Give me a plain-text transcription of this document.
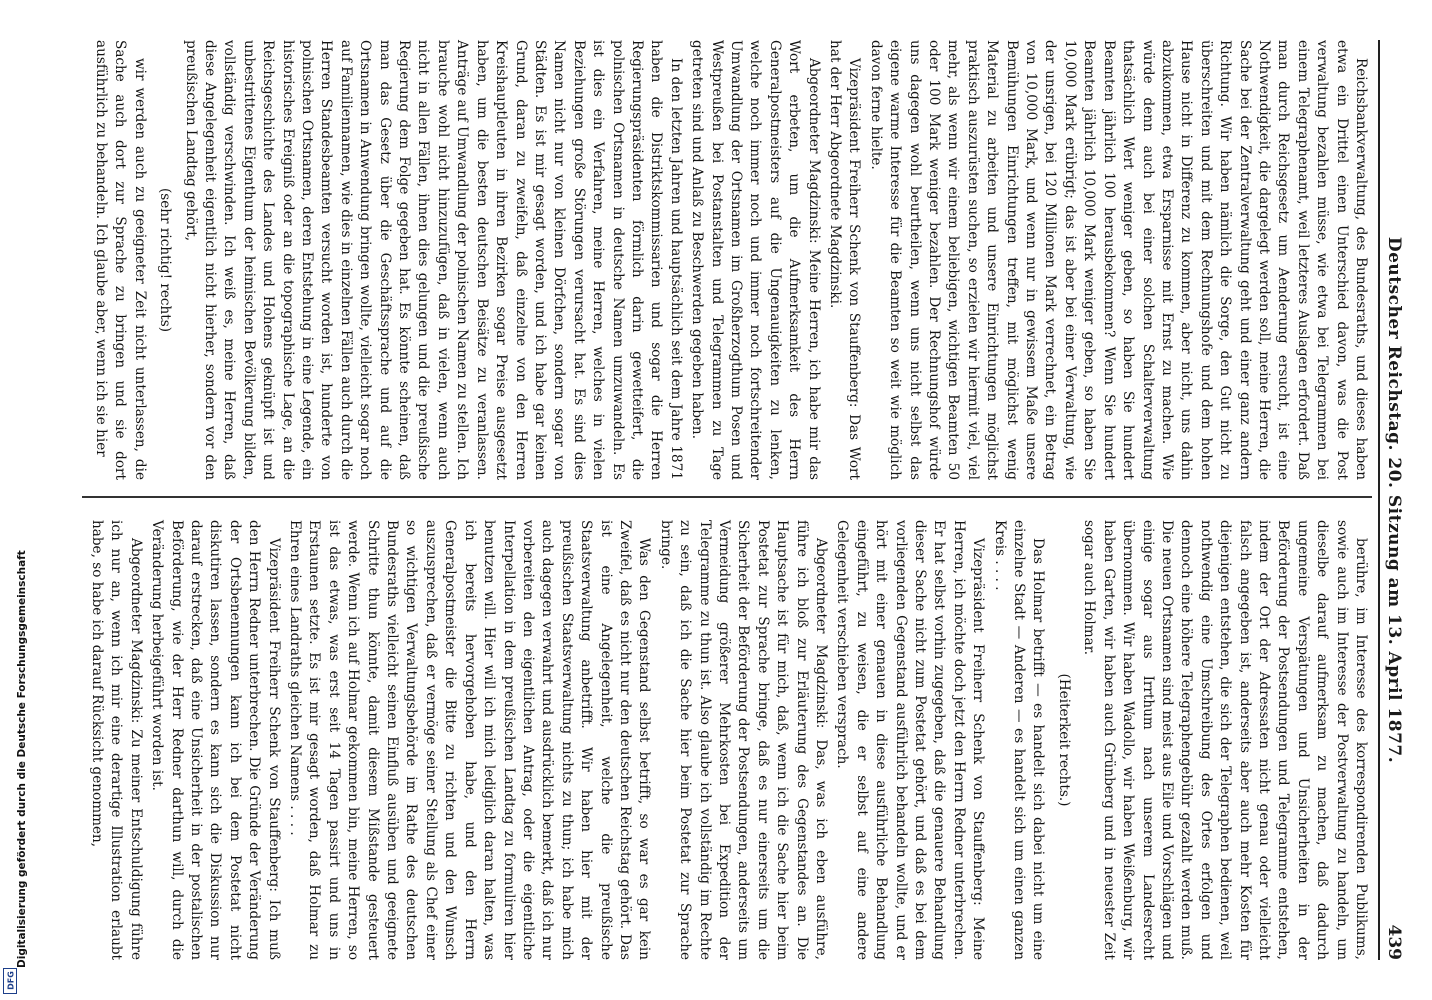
Deutscher Reichstag. 20. Sitzung am 13. April 1877.
439

Reichsbankverwaltung, des Bundesraths, und dieses haben etwa ein Drittel einen Unterschied davon, was die Post verwaltung bezahlen müsse, wie etwa bei Telegrammen bei einem Telegraphenamt, weil letzteres Auslagen erfordert. Daß man durch Reichsgesetz um Aenderung ersucht, ist eine Nothwendigkeit, die dargelegt werden soll, meine Herren, die Sache bei der Zentralverwaltung geht und einer ganz andern Richtung. Wir haben nämlich die Sorge, den Gut nicht zu überschreiten und mit dem Rechnungshofe und dem hohen Hause nicht in Differenz zu kommen, aber nicht, uns dahin abzukommen, etwa Ersparnisse mit Ernst zu machen. Wie würde denn auch bei einer solchen Schalterverwaltung thatsächlich Wert weniger geben, so haben Sie hundert Beamten jährlich 100 herausbekommen? Wenn Sie hundert Beamten jährlich 10,000 Mark weniger geben, so haben Sie 10,000 Mark erübrigt; das ist aber bei einer Verwaltung, wie der unsrigen, bei 120 Millionen Mark verrechnet, ein Betrag von 10,000 Mark, und wenn nur in gewissem Maße unsere Bemühungen Einrichtungen treffen, mit möglichst wenig Material zu arbeiten und unsere Einrichtungen möglichst praktisch auszurüsten suchen, so erzielen wir hiermit viel, viel mehr, als wenn wir einem beliebigen, wichtigen Beamten 50 oder 100 Mark weniger bezahlen. Der Rechnungshof würde uns dagegen wohl beurtheilen, wenn uns nicht selbst das eigene warme Interesse für die Beamten so weit wie möglich davon ferne hielte.

Vizepräsident Freiherr Schenk von Stauffenberg: Das Wort hat der Herr Abgeordnete Magdzinski.

Abgeordneter Magdzinski: Meine Herren, ich habe mir das Wort erbeten, um die Aufmerksamkeit des Herrn Generalpostmeisters auf die Ungenauigkeiten zu lenken, welche noch immer noch und immer noch fortschreitender Umwandlung der Ortsnamen im Großherzogthum Posen und Westpreußen bei Postanstalten und Telegrammen zu Tage getreten sind und Anlaß zu Beschwerden gegeben haben.

In den letzten Jahren und hauptsächlich seit dem Jahre 1871 haben die Distriktskommissarien und sogar die Herren Regierungspräsidenten förmlich darin gewetteifert, die polnischen Ortsnamen in deutsche Namen umzuwandeln. Es ist dies ein Verfahren, meine Herren, welches in vielen Beziehungen große Störungen verursacht hat. Es sind dies Namen nicht nur von kleinen Dörfchen, sondern sogar von Städten. Es ist mir gesagt worden, und ich habe gar keinen Grund, daran zu zweifeln, daß einzelne von den Herren Kreishauptleuten in ihren Bezirken sogar Preise ausgesetzt haben, um die besten deutschen Beisätze zu veranlassen. Anträge auf Umwandlung der polnischen Namen zu stellen. Ich brauche wohl nicht hinzuzufügen, daß in vielen, wenn auch nicht in allen Fällen, ihnen dies gelungen und die preußische Regierung dem Folge gegeben hat. Es könnte scheinen, daß man das Gesetz über die Geschäftssprache und auf die Ortsnamen in Anwendung bringen wollte, vielleicht sogar noch auf Familiennamen, wie dies in einzelnen Fällen auch durch die Herren Standesbeamten versucht worden ist, hunderte von polnischen Ortsnamen, deren Entstehung in eine Legende, ein historisches Ereigniß oder an die topographische Lage, an die Reichsgeschichte des Landes und Hohens geknüpft ist und unbestrittenes Eigenthum der heimischen Bevölkerung bilden, vollständig verschwinden. Ich weiß es, meine Herren, daß diese Angelegenheit eigentlich nicht hierher, sondern vor den preußischen Landtag gehört,

(sehr richtig! rechts)

wir werden auch zu geeigneter Zeit nicht unterlassen, die Sache auch dort zur Sprache zu bringen und sie dort ausführlich zu behandeln. Ich glaube aber, wenn ich sie hier

berühre, im Interesse des korrespondirenden Publikums, sowie auch im Interesse der Postverwaltung zu handeln, um dieselbe darauf aufmerksam zu machen, daß dadurch ungemeine Verspätungen und Unsicherheiten in der Beförderung der Postsendungen und Telegramme entstehen, indem der Ort der Adressaten nicht genau oder vielleicht falsch angegeben ist, anderseits aber auch mehr Kosten für diejenigen entstehen, die sich der Telegraphen bedienen, weil nothwendig eine Umschreibung des Ortes erfolgen und dennoch eine höhere Telegraphengebühr gezahlt werden muß. Die neuen Ortsnamen sind meist aus Eile und Vorschlägen und einige sogar aus Irrthum nach unserem Landesrecht übernommen. Wir haben Wadollo, wir haben Weißenburg, wir haben Garten, wir haben auch Grünberg und in neuester Zeit sogar auch Holmar.

(Heiterkeit rechts.)

Das Holmar betrifft — es handelt sich dabei nicht um eine einzelne Stadt — Anderen — es handelt sich um einen ganzen Kreis . . . .

Vizepräsident Freiherr Schenk von Stauffenberg: Meine Herren, ich möchte doch jetzt den Herrn Redner unterbrechen. Er hat selbst vorhin zugegeben, daß die genauere Behandlung dieser Sache nicht zum Postetat gehört, und daß es bei dem vorliegenden Gegenstand ausführlich behandeln wollte, und er hört mit einer genauen in diese ausführliche Behandlung eingeführt, zu weisen, die er selbst auf eine andere Gelegenheit verschieben versprach.

Abgeordneter Magdzinski: Das, was ich eben ausführe, führe ich bloß zur Erläuterung des Gegenstandes an. Die Hauptsache ist für mich, daß, wenn ich die Sache hier beim Postetat zur Sprache bringe, daß es nur einerseits um die Sicherheit der Beförderung der Postsendungen, anderseits um Vermeidung größerer Mehrkosten bei Expedition der Telegramme zu thun ist. Also glaube ich vollständig im Rechte zu sein, daß ich die Sache hier beim Postetat zur Sprache bringe.

Was den Gegenstand selbst betrifft, so war es gar kein Zweifel, daß es nicht nur den deutschen Reichstag gehört. Das ist eine Angelegenheit, welche die preußische Staatsverwaltung anbetrifft. Wir haben hier mit der preußischen Staatsverwaltung nichts zu thun; ich habe mich auch dagegen verwahrt und ausdrücklich bemerkt, daß ich nur vorbereiten den eigentlichen Antrag, oder die eigentliche Interpellation in dem preußischen Landtag zu formuliren hier benutzen will. Hier will ich mich lediglich daran halten, was ich bereits hervorgehoben habe, und den Herrn Generalpostmeister die Bitte zu richten und den Wunsch auszusprechen, daß er vermöge seiner Stellung als Chef einer so wichtigen Verwaltungsbehörde im Rathe des deutschen Bundesraths vielleicht seinen Einfluß ausüben und geeignete Schritte thun könnte, damit diesem Mißstande gesteuert werde. Wenn ich auf Holmar gekommen bin, meine Herren, so ist das etwas, was erst seit 14 Tagen passirt und uns in Erstaunen setzte. Es ist mir gesagt worden, daß Holmar zu Ehren eines Landraths gleichen Namens . . . .

Vizepräsident Freiherr Schenk von Stauffenberg: Ich muß den Herrn Redner unterbrechen. Die Gründe der Veränderung der Ortsbenennungen kann ich bei dem Postetat nicht diskutiren lassen, sondern es kann sich die Diskussion nur darauf erstrecken, daß eine Unsicherheit in der postalischen Beförderung, wie der Herr Redner darthun will, durch die Veränderung herbeigeführt worden ist.

Abgeordneter Magdzinski: Zu meiner Entschuldigung führe ich nur an, wenn ich mir eine derartige Illustration erlaubt habe, so habe ich darauf Rücksicht genommen,

Digitalisierung gefördert durch die Deutsche Forschungsgemeinschaft
DFG
